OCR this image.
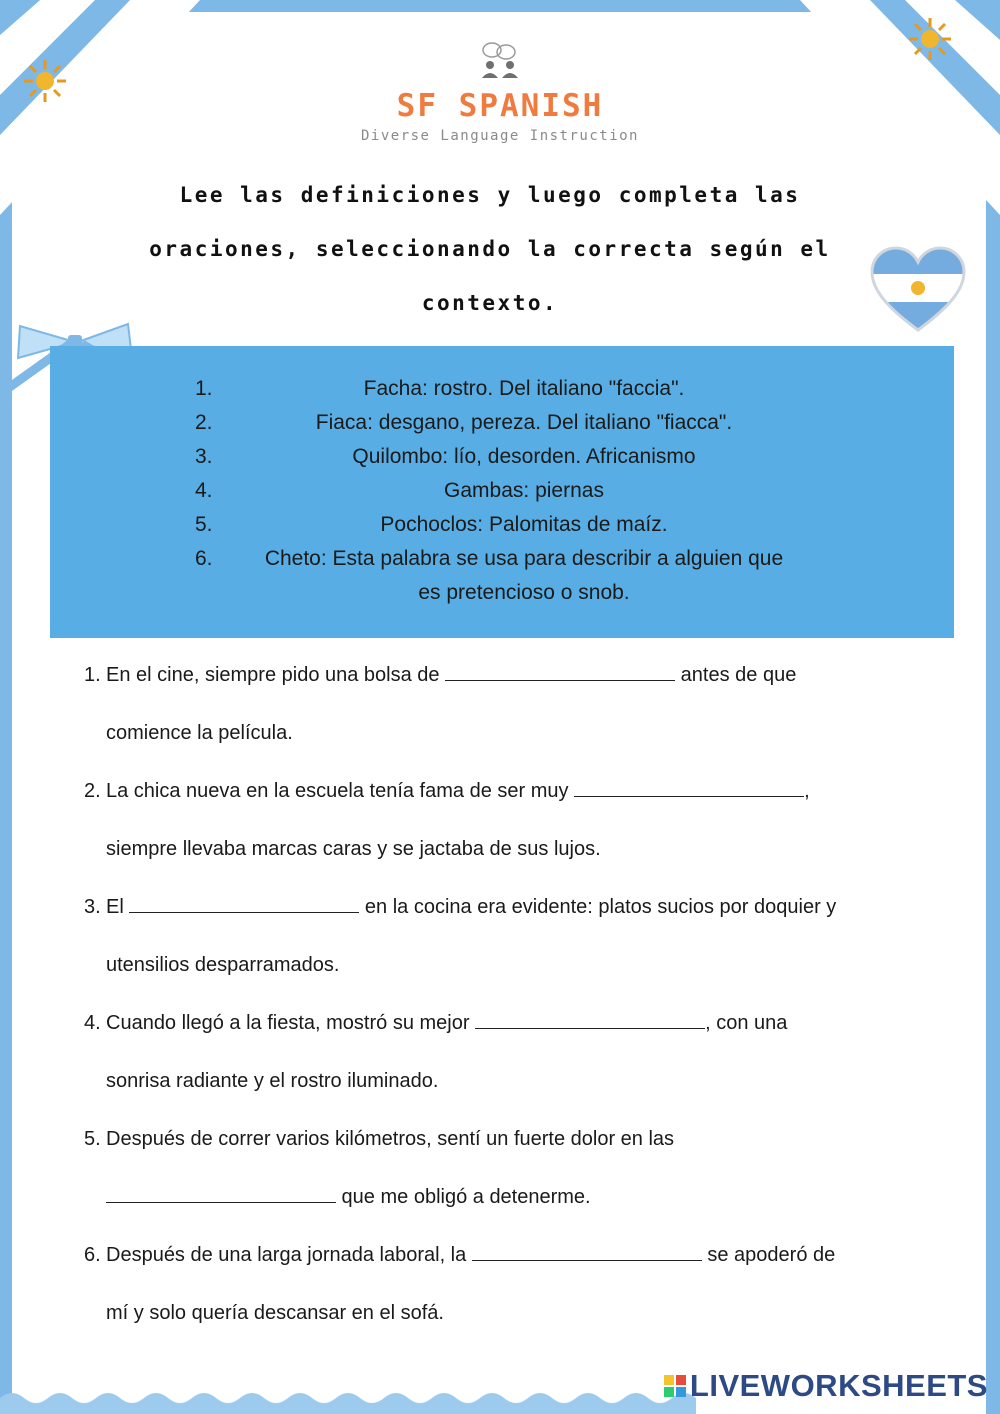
SF SPANISH
Diverse Language Instruction
Lee las definiciones y luego completa las
oraciones, seleccionando la correcta según el
contexto.
1.	Facha: rostro. Del italiano "faccia".
2.	Fiaca: desgano, pereza. Del italiano "fiacca".
3.	Quilombo: lío, desorden. Africanismo
4.	Gambas: piernas
5.	Pochoclos: Palomitas de maíz.
6.	Cheto: Esta palabra se usa para describir a alguien que
es pretencioso o snob.
1. En el cine, siempre pido una bolsa de	antes de que
comience la película.
2. La chica nueva en la escuela tenía fama de ser muy	,
siempre llevaba marcas caras y se jactaba de sus lujos.
3. El	en la cocina era evidente: platos sucios por doquier y
utensilios desparramados.
4. Cuando llegó a la fiesta, mostró su mejor	, con una
sonrisa radiante y el rostro iluminado.
5. Después de correr varios kilómetros, sentí un fuerte dolor en las
que me obligó a detenerme.
6. Después de una larga jornada laboral, la	se apoderó de
mí y solo quería descansar en el sofá.
LIVEWORKSHEETS
